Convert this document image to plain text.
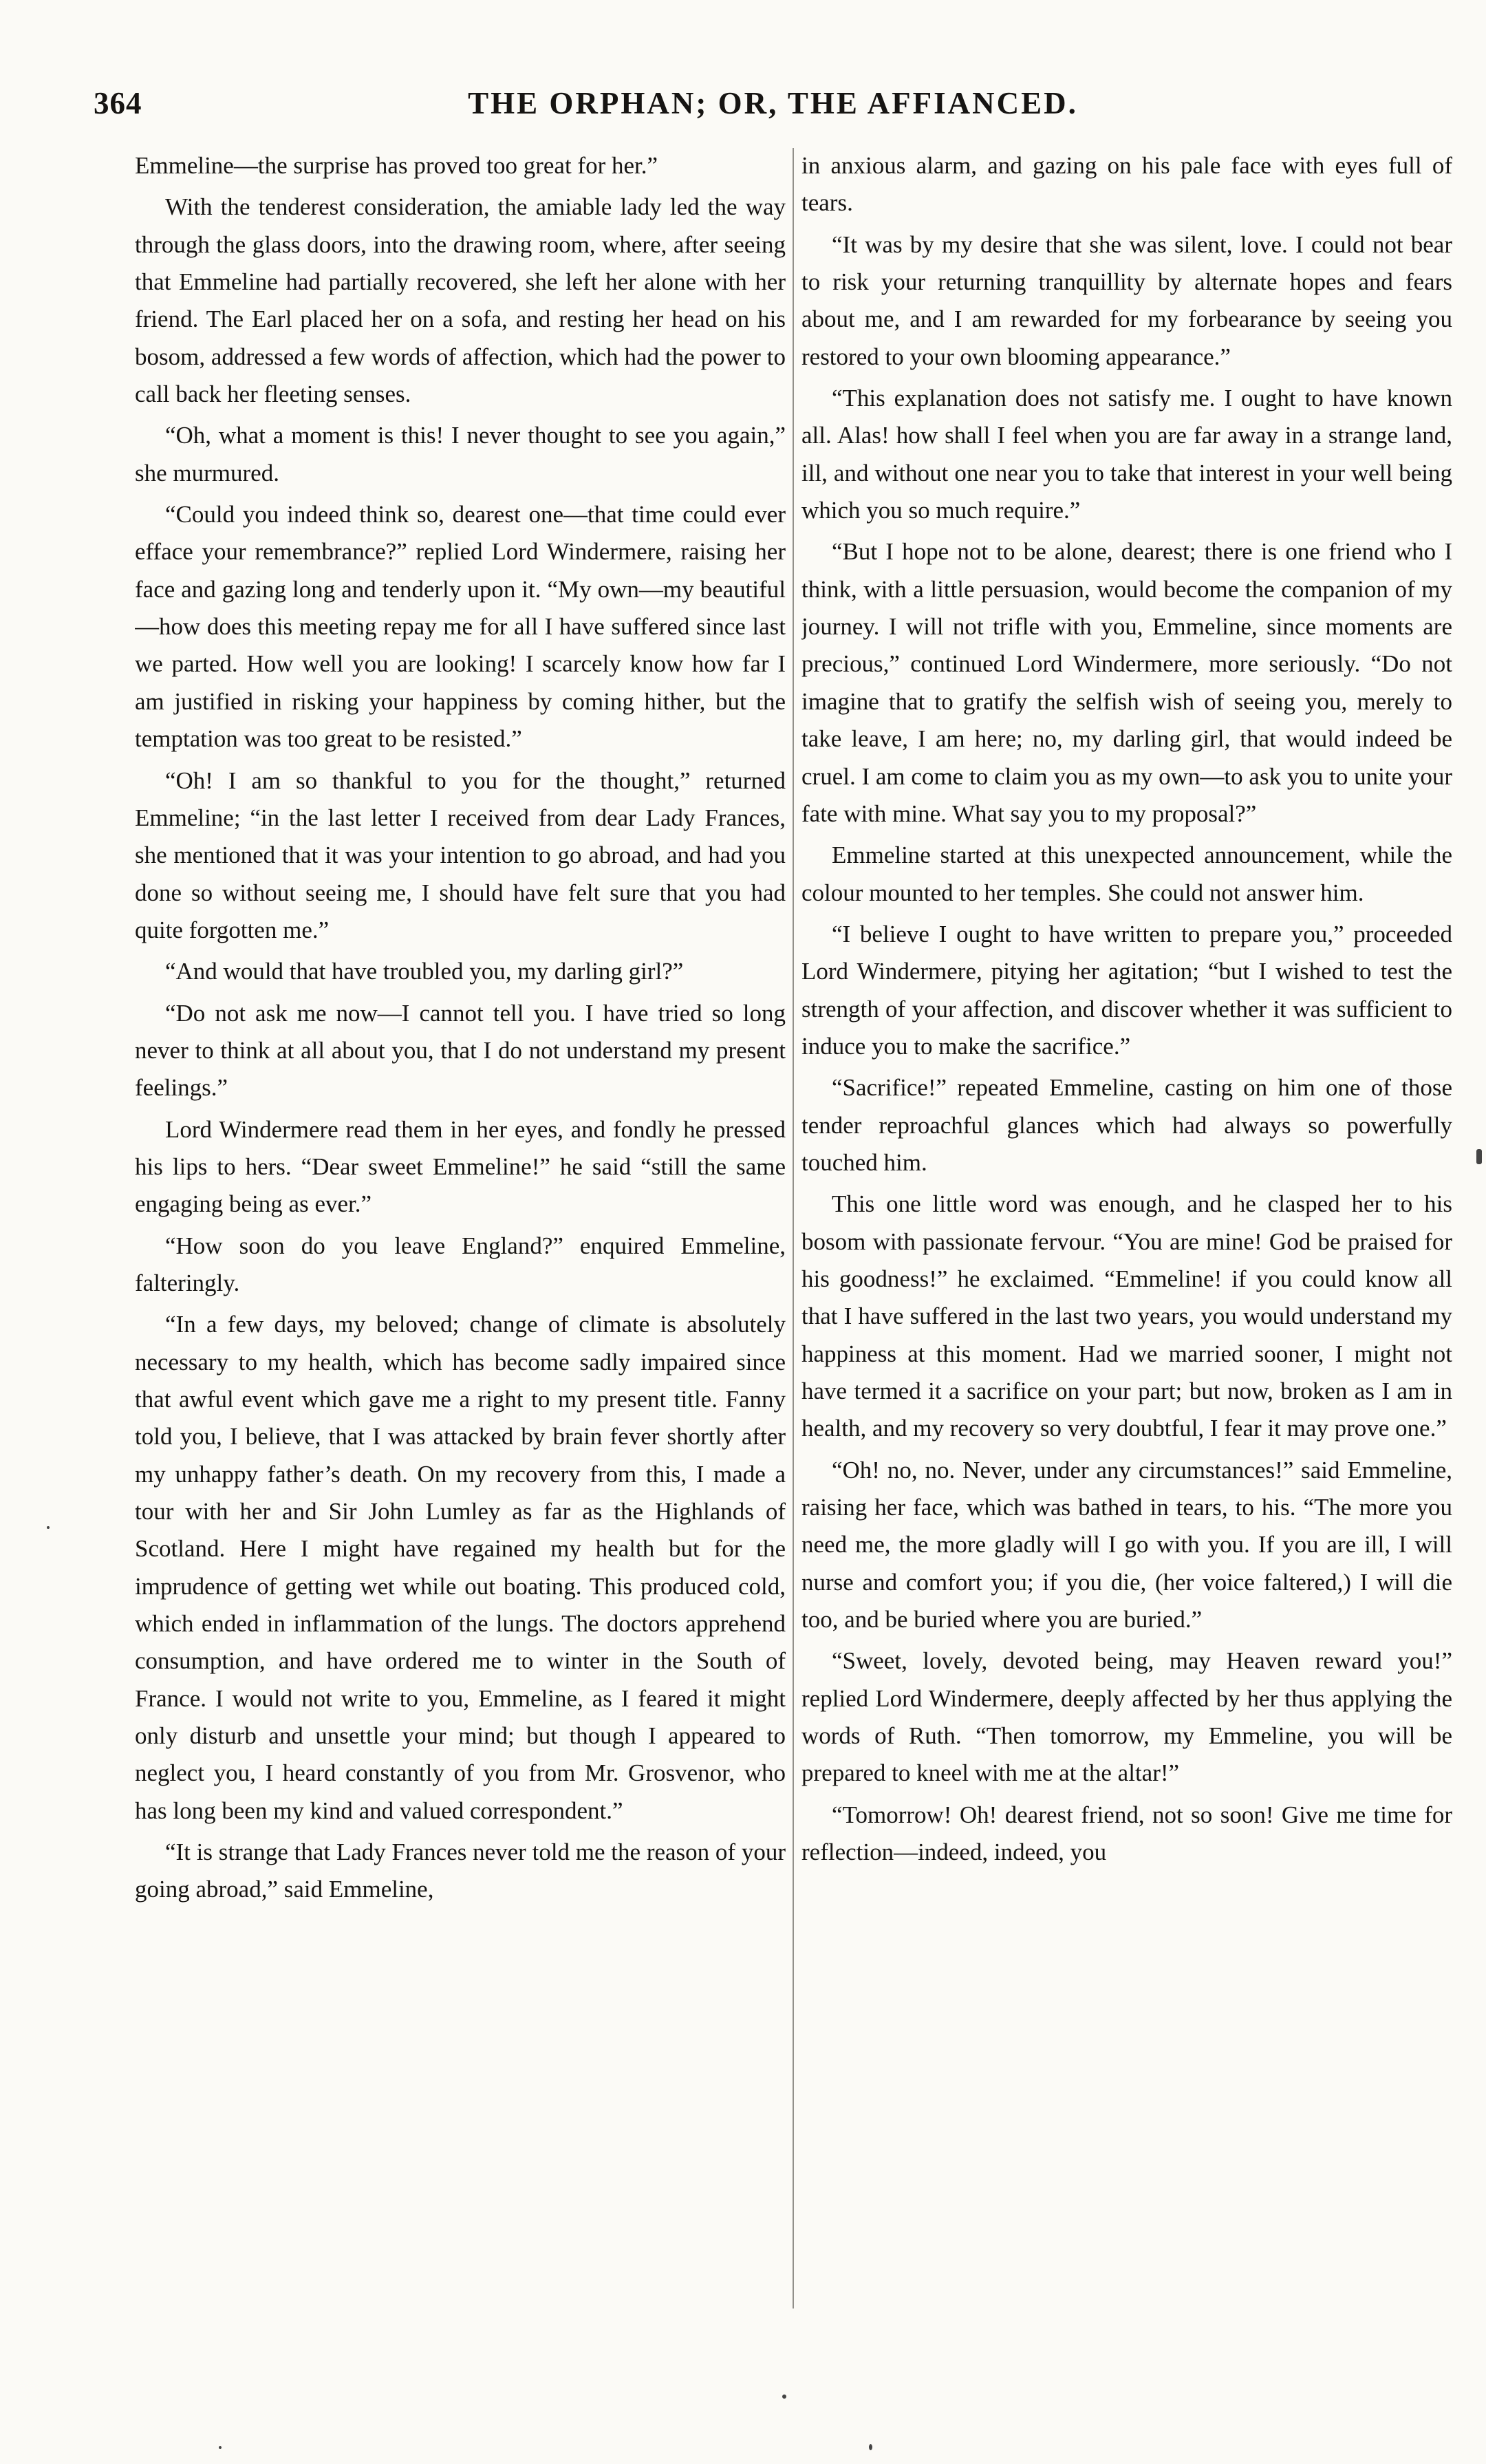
364	THE ORPHAN; OR, THE AFFIANCED.

Emmeline—the surprise has proved too great for her.”

With the tenderest consideration, the amiable lady led the way through the glass doors, into the drawing room, where, after seeing that Emmeline had partially recovered, she left her alone with her friend. The Earl placed her on a sofa, and resting her head on his bosom, addressed a few words of affection, which had the power to call back her fleeting senses.

“Oh, what a moment is this! I never thought to see you again,” she murmured.

“Could you indeed think so, dearest one—that time could ever efface your remembrance?” replied Lord Windermere, raising her face and gazing long and tenderly upon it. “My own—my beautiful—how does this meeting repay me for all I have suffered since last we parted. How well you are looking! I scarcely know how far I am justified in risking your happiness by coming hither, but the temptation was too great to be resisted.”

“Oh! I am so thankful to you for the thought,” returned Emmeline; “in the last letter I received from dear Lady Frances, she mentioned that it was your intention to go abroad, and had you done so without seeing me, I should have felt sure that you had quite forgotten me.”

“And would that have troubled you, my darling girl?”

“Do not ask me now—I cannot tell you. I have tried so long never to think at all about you, that I do not understand my present feelings.”

Lord Windermere read them in her eyes, and fondly he pressed his lips to hers. “Dear sweet Emmeline!” he said “still the same engaging being as ever.”

“How soon do you leave England?” enquired Emmeline, falteringly.

“In a few days, my beloved; change of climate is absolutely necessary to my health, which has become sadly impaired since that awful event which gave me a right to my present title. Fanny told you, I believe, that I was attacked by brain fever shortly after my unhappy father’s death. On my recovery from this, I made a tour with her and Sir John Lumley as far as the Highlands of Scotland. Here I might have regained my health but for the imprudence of getting wet while out boating. This produced cold, which ended in inflammation of the lungs. The doctors apprehend consumption, and have ordered me to winter in the South of France. I would not write to you, Emmeline, as I feared it might only disturb and unsettle your mind; but though I appeared to neglect you, I heard constantly of you from Mr. Grosvenor, who has long been my kind and valued correspondent.”

“It is strange that Lady Frances never told me the reason of your going abroad,” said Emmeline,

in anxious alarm, and gazing on his pale face with eyes full of tears.

“It was by my desire that she was silent, love. I could not bear to risk your returning tranquillity by alternate hopes and fears about me, and I am rewarded for my forbearance by seeing you restored to your own blooming appearance.”

“This explanation does not satisfy me. I ought to have known all. Alas! how shall I feel when you are far away in a strange land, ill, and without one near you to take that interest in your well being which you so much require.”

“But I hope not to be alone, dearest; there is one friend who I think, with a little persuasion, would become the companion of my journey. I will not trifle with you, Emmeline, since moments are precious,” continued Lord Windermere, more seriously. “Do not imagine that to gratify the selfish wish of seeing you, merely to take leave, I am here; no, my darling girl, that would indeed be cruel. I am come to claim you as my own—to ask you to unite your fate with mine. What say you to my proposal?”

Emmeline started at this unexpected announcement, while the colour mounted to her temples. She could not answer him.

“I believe I ought to have written to prepare you,” proceeded Lord Windermere, pitying her agitation; “but I wished to test the strength of your affection, and discover whether it was sufficient to induce you to make the sacrifice.”

“Sacrifice!” repeated Emmeline, casting on him one of those tender reproachful glances which had always so powerfully touched him.

This one little word was enough, and he clasped her to his bosom with passionate fervour. “You are mine! God be praised for his goodness!” he exclaimed. “Emmeline! if you could know all that I have suffered in the last two years, you would understand my happiness at this moment. Had we married sooner, I might not have termed it a sacrifice on your part; but now, broken as I am in health, and my recovery so very doubtful, I fear it may prove one.”

“Oh! no, no. Never, under any circumstances!” said Emmeline, raising her face, which was bathed in tears, to his. “The more you need me, the more gladly will I go with you. If you are ill, I will nurse and comfort you; if you die, (her voice faltered,) I will die too, and be buried where you are buried.”

“Sweet, lovely, devoted being, may Heaven reward you!” replied Lord Windermere, deeply affected by her thus applying the words of Ruth. “Then tomorrow, my Emmeline, you will be prepared to kneel with me at the altar!”

“Tomorrow! Oh! dearest friend, not so soon! Give me time for reflection—indeed, indeed, you
